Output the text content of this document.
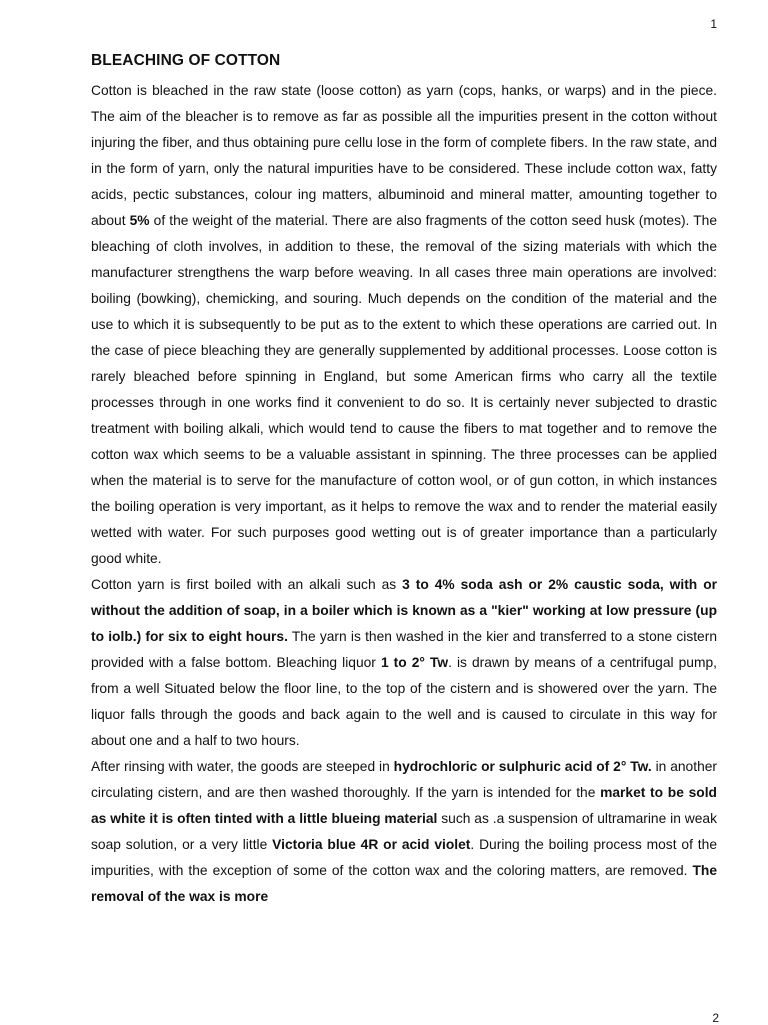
1
BLEACHING OF COTTON

Cotton is bleached in the raw state (loose cotton) as yarn (cops, hanks, or warps) and in the piece. The aim of the bleacher is to remove as far as possible all the impurities present in the cotton without injuring the fiber, and thus obtaining pure cellu lose in the form of complete fibers. In the raw state, and in the form of yarn, only the natural impurities have to be considered. These include cotton wax, fatty acids, pectic substances, colour ing matters, albuminoid and mineral matter, amounting together to about 5% of the weight of the material. There are also fragments of the cotton seed husk (motes). The bleaching of cloth involves, in addition to these, the removal of the sizing materials with which the manufacturer strengthens the warp before weaving. In all cases three main operations are involved: boiling (bowking), chemicking, and souring. Much depends on the condition of the material and the use to which it is subsequently to be put as to the extent to which these operations are carried out. In the case of piece bleaching they are generally supplemented by additional processes. Loose cotton is rarely bleached before spinning in England, but some American firms who carry all the textile processes through in one works find it convenient to do so. It is certainly never subjected to drastic treatment with boiling alkali, which would tend to cause the fibers to mat together and to remove the cotton wax which seems to be a valuable assistant in spinning. The three processes can be applied when the material is to serve for the manufacture of cotton wool, or of gun cotton, in which instances the boiling operation is very important, as it helps to remove the wax and to render the material easily wetted with water. For such purposes good wetting out is of greater importance than a particularly good white.

Cotton yarn is first boiled with an alkali such as 3 to 4% soda ash or 2% caustic soda, with or without the addition of soap, in a boiler which is known as a "kier" working at low pressure (up to iolb.) for six to eight hours. The yarn is then washed in the kier and transferred to a stone cistern provided with a false bottom. Bleaching liquor 1 to 2° Tw. is drawn by means of a centrifugal pump, from a well Situated below the floor line, to the top of the cistern and is showered over the yarn. The liquor falls through the goods and back again to the well and is caused to circulate in this way for about one and a half to two hours.

After rinsing with water, the goods are steeped in hydrochloric or sulphuric acid of 2° Tw. in another circulating cistern, and are then washed thoroughly. If the yarn is intended for the market to be sold as white it is often tinted with a little blueing material such as .a suspension of ultramarine in weak soap solution, or a very little Victoria blue 4R or acid violet. During the boiling process most of the impurities, with the exception of some of the cotton wax and the coloring matters, are removed. The removal of the wax is more

2
